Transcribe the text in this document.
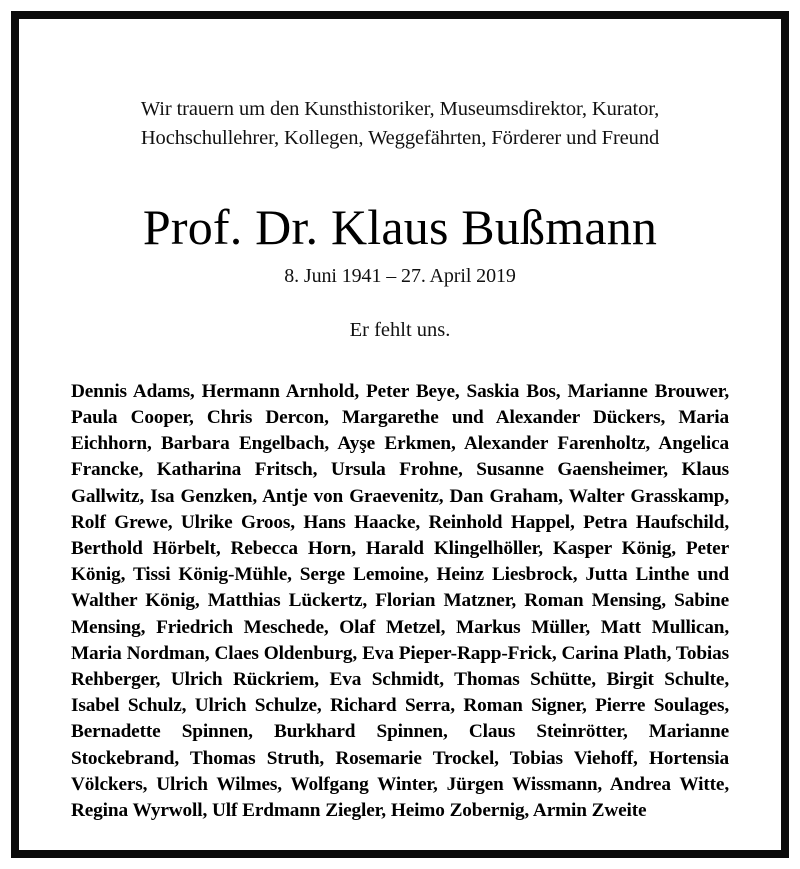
Wir trauern um den Kunsthistoriker, Museumsdirektor, Kurator,
Hochschullehrer, Kollegen, Weggefährten, Förderer und Freund

Prof. Dr. Klaus Bußmann

8. Juni 1941 – 27. April 2019

Er fehlt uns.

Dennis Adams, Hermann Arnhold, Peter Beye, Saskia Bos, Marianne Brouwer, Paula Cooper, Chris Dercon, Margarethe und Alexander Dückers, Maria Eichhorn, Barbara Engelbach, Ayşe Erkmen, Alexander Farenholtz, Angelica Francke, Katharina Fritsch, Ursula Frohne, Susanne Gaensheimer, Klaus Gallwitz, Isa Genzken, Antje von Graevenitz, Dan Graham, Walter Grasskamp, Rolf Grewe, Ulrike Groos, Hans Haacke, Reinhold Happel, Petra Haufschild, Berthold Hörbelt, Rebecca Horn, Harald Klingelhöller, Kasper König, Peter König, Tissi König-Mühle, Serge Lemoine, Heinz Liesbrock, Jutta Linthe und Walther König, Matthias Lückertz, Florian Matzner, Roman Mensing, Sabine Mensing, Friedrich Meschede, Olaf Metzel, Markus Müller, Matt Mullican, Maria Nordman, Claes Oldenburg, Eva Pieper-Rapp-Frick, Carina Plath, Tobias Rehberger, Ulrich Rückriem, Eva Schmidt, Thomas Schütte, Birgit Schulte, Isabel Schulz, Ulrich Schulze, Richard Serra, Roman Signer, Pierre Soulages, Bernadette Spinnen, Burkhard Spinnen, Claus Steinrötter, Marianne Stockebrand, Thomas Struth, Rosemarie Trockel, Tobias Viehoff, Hortensia Völckers, Ulrich Wilmes, Wolfgang Winter, Jürgen Wissmann, Andrea Witte, Regina Wyrwoll, Ulf Erdmann Ziegler, Heimo Zobernig, Armin Zweite
